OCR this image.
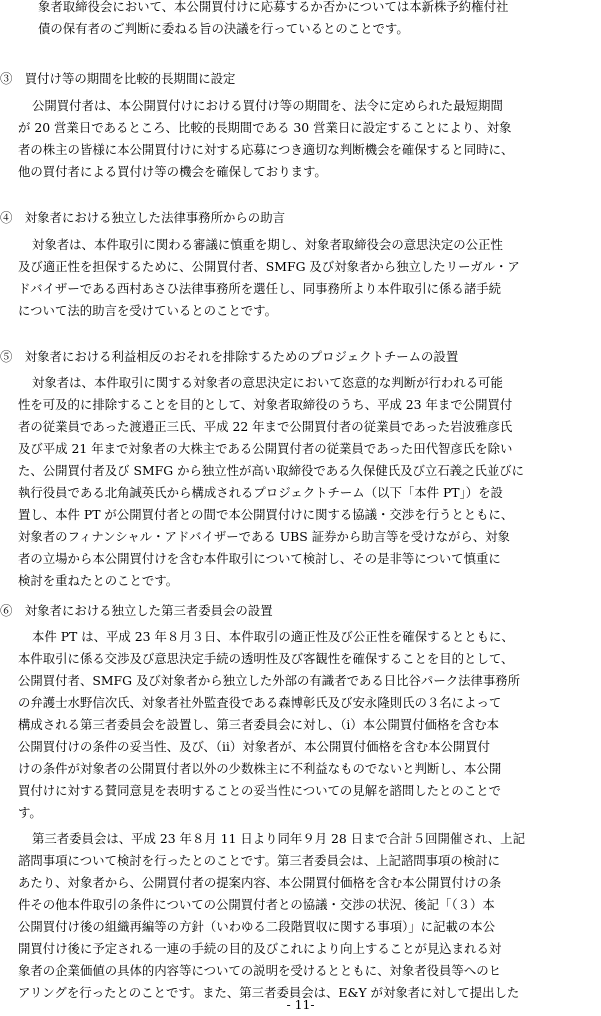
象者取締役会において、本公開買付けに応募するか否かについては本新株予約権付社
債の保有者のご判断に委ねる旨の決議を行っているとのことです。
③　買付け等の期間を比較的長期間に設定
公開買付者は、本公開買付けにおける買付け等の期間を、法令に定められた最短期間
が 20 営業日であるところ、比較的長期間である 30 営業日に設定することにより、対象
者の株主の皆様に本公開買付けに対する応募につき適切な判断機会を確保すると同時に、
他の買付者による買付け等の機会を確保しております。
④　対象者における独立した法律事務所からの助言
対象者は、本件取引に関わる審議に慎重を期し、対象者取締役会の意思決定の公正性
及び適正性を担保するために、公開買付者、SMFG 及び対象者から独立したリーガル・ア
ドバイザーである西村あさひ法律事務所を選任し、同事務所より本件取引に係る諸手続
について法的助言を受けているとのことです。
⑤　対象者における利益相反のおそれを排除するためのプロジェクトチームの設置
対象者は、本件取引に関する対象者の意思決定において恣意的な判断が行われる可能
性を可及的に排除することを目的として、対象者取締役のうち、平成 23 年まで公開買付
者の従業員であった渡邉正三氏、平成 22 年まで公開買付者の従業員であった岩波雅彦氏
及び平成 21 年まで対象者の大株主である公開買付者の従業員であった田代智彦氏を除い
た、公開買付者及び SMFG から独立性が高い取締役である久保健氏及び立石義之氏並びに
執行役員である北角誠英氏から構成されるプロジェクトチーム（以下「本件 PT」）を設
置し、本件 PT が公開買付者との間で本公開買付けに関する協議・交渉を行うとともに、
対象者のフィナンシャル・アドバイザーである UBS 証券から助言等を受けながら、対象
者の立場から本公開買付けを含む本件取引について検討し、その是非等について慎重に
検討を重ねたとのことです。
⑥　対象者における独立した第三者委員会の設置
本件 PT は、平成 23 年８月３日、本件取引の適正性及び公正性を確保するとともに、
本件取引に係る交渉及び意思決定手続の透明性及び客観性を確保することを目的として、
公開買付者、SMFG 及び対象者から独立した外部の有識者である日比谷パーク法律事務所
の弁護士水野信次氏、対象者社外監査役である森博彰氏及び安永隆則氏の３名によって
構成される第三者委員会を設置し、第三者委員会に対し、（i）本公開買付価格を含む本
公開買付けの条件の妥当性、及び、（ii）対象者が、本公開買付価格を含む本公開買付
けの条件が対象者の公開買付者以外の少数株主に不利益なものでないと判断し、本公開
買付けに対する賛同意見を表明することの妥当性についての見解を諮問したとのことで
す。
第三者委員会は、平成 23 年８月 11 日より同年９月 28 日まで合計５回開催され、上記
諮問事項について検討を行ったとのことです。第三者委員会は、上記諮問事項の検討に
あたり、対象者から、公開買付者の提案内容、本公開買付価格を含む本公開買付けの条
件その他本件取引の条件についての公開買付者との協議・交渉の状況、後記「（３）本
公開買付け後の組織再編等の方針（いわゆる二段階買収に関する事項）」に記載の本公
開買付け後に予定される一連の手続の目的及びこれにより向上することが見込まれる対
象者の企業価値の具体的内容等についての説明を受けるとともに、対象者役員等へのヒ
アリングを行ったとのことです。また、第三者委員会は、E&Y が対象者に対して提出した
- 11-
